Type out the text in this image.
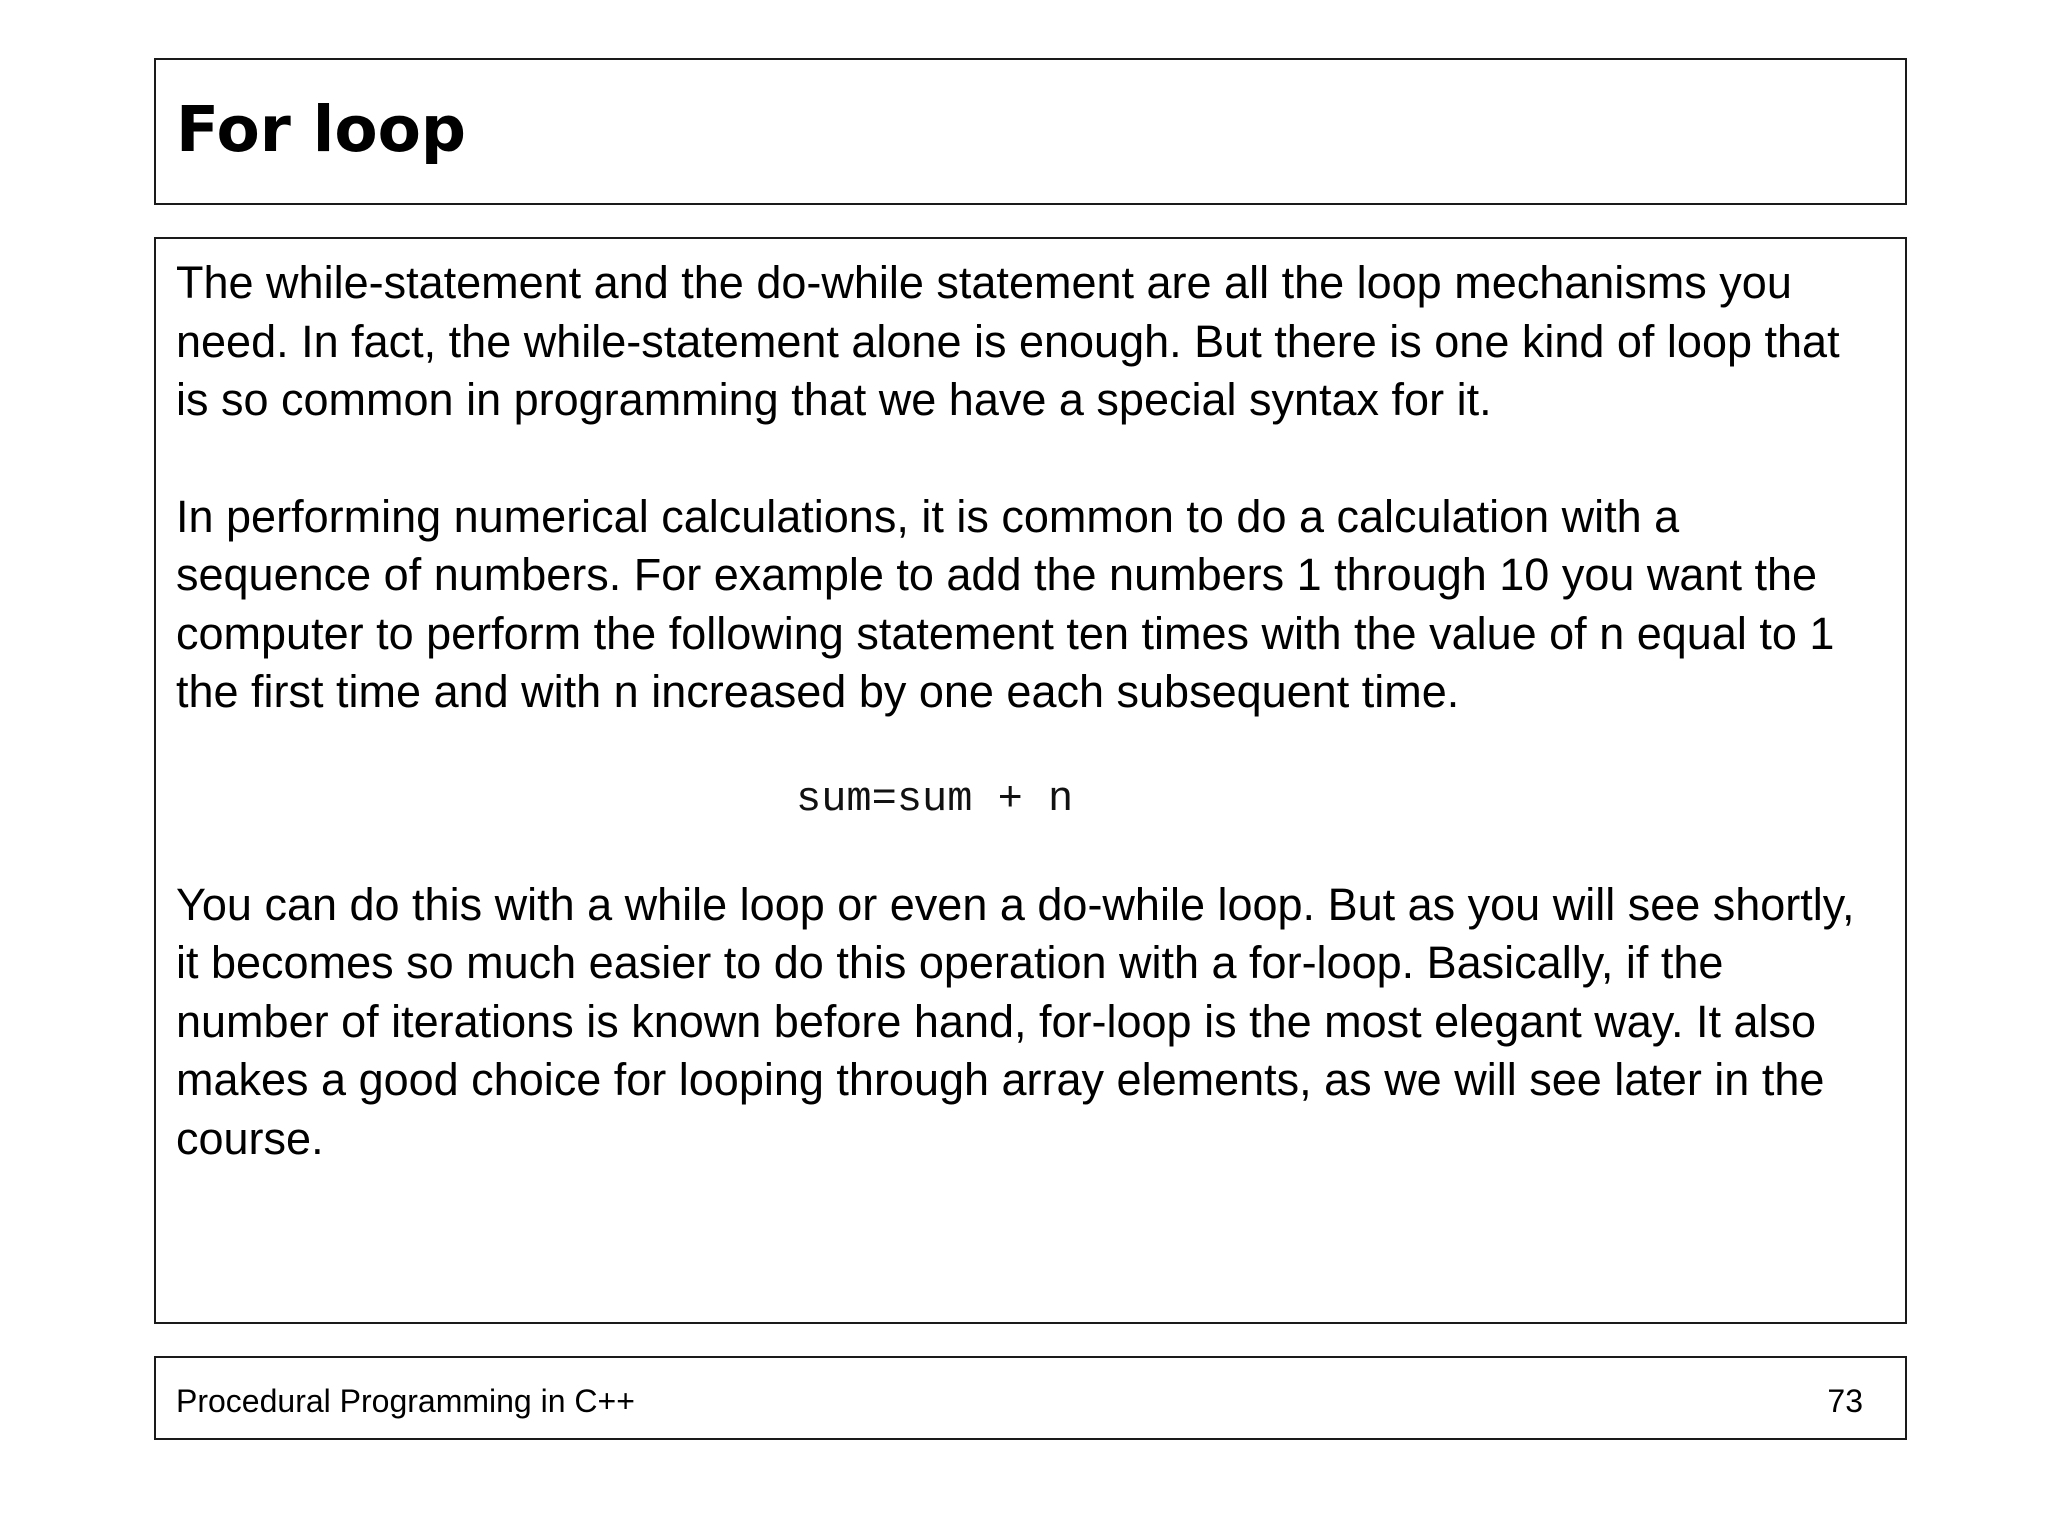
For loop

The while-statement and the do-while statement are all the loop mechanisms you need. In fact, the while-statement alone is enough. But there is one kind of loop that is so common in programming that we have a special syntax for it.

In performing numerical calculations, it is common to do a calculation with a sequence of numbers. For example to add the numbers 1 through 10 you want the computer to perform the following statement ten times with the value of n equal to 1 the first time and with n increased by one each subsequent time.

sum=sum + n

You can do this with a while loop or even a do-while loop. But as you will see shortly, it becomes so much easier to do this operation with a for-loop. Basically, if the number of iterations is known before hand, for-loop is the most elegant way. It also makes a good choice for looping through array elements, as we will see later in the course.

Procedural Programming in C++	73
